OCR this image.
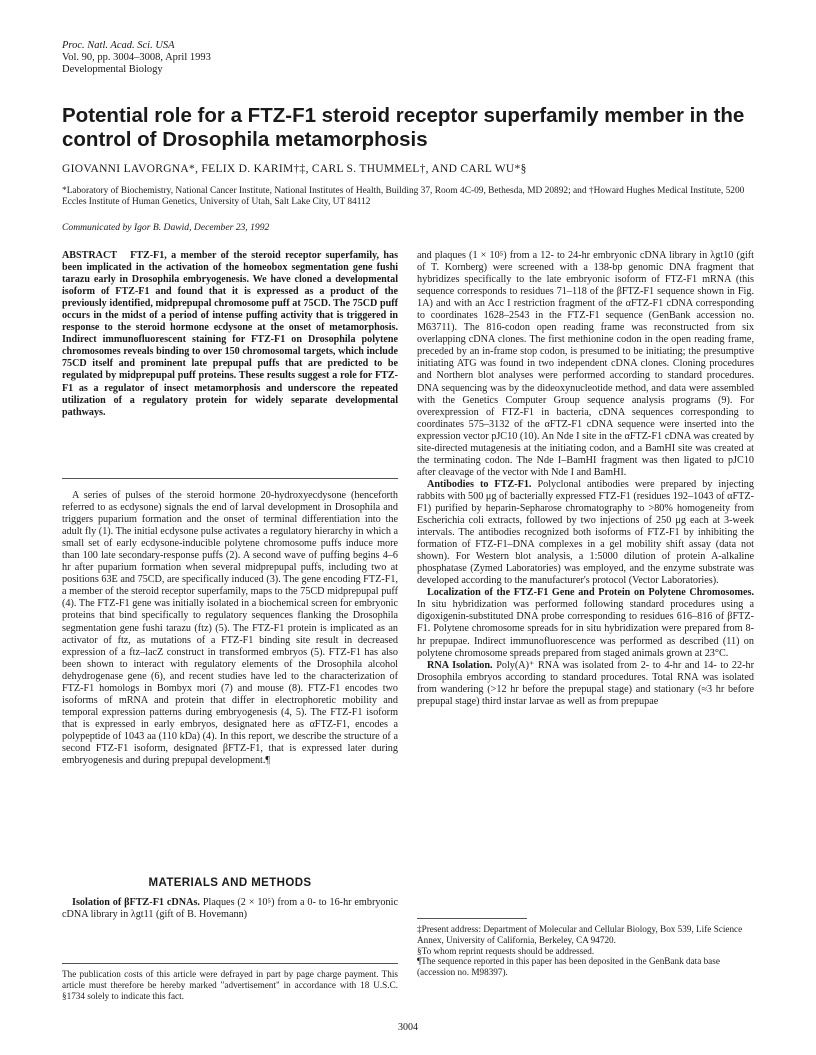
Proc. Natl. Acad. Sci. USA
Vol. 90, pp. 3004–3008, April 1993
Developmental Biology
Potential role for a FTZ-F1 steroid receptor superfamily member in the control of Drosophila metamorphosis
GIOVANNI LAVORGNA*, FELIX D. KARIM†‡, CARL S. THUMMEL†, AND CARL WU*§
*Laboratory of Biochemistry, National Cancer Institute, National Institutes of Health, Building 37, Room 4C-09, Bethesda, MD 20892; and †Howard Hughes Medical Institute, 5200 Eccles Institute of Human Genetics, University of Utah, Salt Lake City, UT 84112
Communicated by Igor B. Dawid, December 23, 1992

ABSTRACT FTZ-F1, a member of the steroid receptor superfamily, has been implicated in the activation of the homeobox segmentation gene fushi tarazu early in Drosophila embryogenesis. We have cloned a developmental isoform of FTZ-F1 and found that it is expressed as a product of the previously identified, midprepupal chromosome puff at 75CD. The 75CD puff occurs in the midst of a period of intense puffing activity that is triggered in response to the steroid hormone ecdysone at the onset of metamorphosis. Indirect immunofluorescent staining for FTZ-F1 on Drosophila polytene chromosomes reveals binding to over 150 chromosomal targets, which include 75CD itself and prominent late prepupal puffs that are predicted to be regulated by midprepupal puff proteins. These results suggest a role for FTZ-F1 as a regulator of insect metamorphosis and underscore the repeated utilization of a regulatory protein for widely separate developmental pathways.

A series of pulses of the steroid hormone 20-hydroxyecdysone (henceforth referred to as ecdysone) signals the end of larval development in Drosophila and triggers puparium formation and the onset of terminal differentiation into the adult fly (1). The initial ecdysone pulse activates a regulatory hierarchy in which a small set of early ecdysone-inducible polytene chromosome puffs induce more than 100 late secondary-response puffs (2). A second wave of puffing begins 4–6 hr after puparium formation when several midprepupal puffs, including two at positions 63E and 75CD, are specifically induced (3). The gene encoding FTZ-F1, a member of the steroid receptor superfamily, maps to the 75CD midprepupal puff (4). The FTZ-F1 gene was initially isolated in a biochemical screen for embryonic proteins that bind specifically to regulatory sequences flanking the Drosophila segmentation gene fushi tarazu (ftz) (5). The FTZ-F1 protein is implicated as an activator of ftz, as mutations of a FTZ-F1 binding site result in decreased expression of a ftz–lacZ construct in transformed embryos (5). FTZ-F1 has also been shown to interact with regulatory elements of the Drosophila alcohol dehydrogenase gene (6), and recent studies have led to the characterization of FTZ-F1 homologs in Bombyx mori (7) and mouse (8). FTZ-F1 encodes two isoforms of mRNA and protein that differ in electrophoretic mobility and temporal expression patterns during embryogenesis (4, 5). The FTZ-F1 isoform that is expressed in early embryos, designated here as αFTZ-F1, encodes a polypeptide of 1043 aa (110 kDa) (4). In this report, we describe the structure of a second FTZ-F1 isoform, designated βFTZ-F1, that is expressed later during embryogenesis and during prepupal development.¶

MATERIALS AND METHODS

Isolation of βFTZ-F1 cDNAs. Plaques (2 × 10⁵) from a 0- to 16-hr embryonic cDNA library in λgt11 (gift of B. Hovemann)

The publication costs of this article were defrayed in part by page charge payment. This article must therefore be hereby marked "advertisement" in accordance with 18 U.S.C. §1734 solely to indicate this fact.

and plaques (1 × 10⁵) from a 12- to 24-hr embryonic cDNA library in λgt10 (gift of T. Kornberg) were screened with a 138-bp genomic DNA fragment that hybridizes specifically to the late embryonic isoform of FTZ-F1 mRNA (this sequence corresponds to residues 71–118 of the βFTZ-F1 sequence shown in Fig. 1A) and with an Acc I restriction fragment of the αFTZ-F1 cDNA corresponding to coordinates 1628–2543 in the FTZ-F1 sequence (GenBank accession no. M63711). The 816-codon open reading frame was reconstructed from six overlapping cDNA clones. The first methionine codon in the open reading frame, preceded by an in-frame stop codon, is presumed to be initiating; the presumptive initiating ATG was found in two independent cDNA clones. Cloning procedures and Northern blot analyses were performed according to standard procedures. DNA sequencing was by the dideoxynucleotide method, and data were assembled with the Genetics Computer Group sequence analysis programs (9). For overexpression of FTZ-F1 in bacteria, cDNA sequences corresponding to coordinates 575–3132 of the αFTZ-F1 cDNA sequence were inserted into the expression vector pJC10 (10). An Nde I site in the αFTZ-F1 cDNA was created by site-directed mutagenesis at the initiating codon, and a BamHI site was created at the terminating codon. The Nde I–BamHI fragment was then ligated to pJC10 after cleavage of the vector with Nde I and BamHI.

Antibodies to FTZ-F1. Polyclonal antibodies were prepared by injecting rabbits with 500 μg of bacterially expressed FTZ-F1 (residues 192–1043 of αFTZ-F1) purified by heparin-Sepharose chromatography to >80% homogeneity from Escherichia coli extracts, followed by two injections of 250 μg each at 3-week intervals. The antibodies recognized both isoforms of FTZ-F1 by inhibiting the formation of FTZ-F1–DNA complexes in a gel mobility shift assay (data not shown). For Western blot analysis, a 1:5000 dilution of protein A-alkaline phosphatase (Zymed Laboratories) was employed, and the enzyme substrate was developed according to the manufacturer's protocol (Vector Laboratories).

Localization of the FTZ-F1 Gene and Protein on Polytene Chromosomes. In situ hybridization was performed following standard procedures using a digoxigenin-substituted DNA probe corresponding to residues 616–816 of βFTZ-F1. Polytene chromosome spreads for in situ hybridization were prepared from 8-hr prepupae. Indirect immunofluorescence was performed as described (11) on polytene chromosome spreads prepared from staged animals grown at 23°C.

RNA Isolation. Poly(A)⁺ RNA was isolated from 2- to 4-hr and 14- to 22-hr Drosophila embryos according to standard procedures. Total RNA was isolated from wandering (>12 hr before the prepupal stage) and stationary (≈3 hr before prepupal stage) third instar larvae as well as from prepupae

‡Present address: Department of Molecular and Cellular Biology, Box 539, Life Science Annex, University of California, Berkeley, CA 94720.
§To whom reprint requests should be addressed.
¶The sequence reported in this paper has been deposited in the GenBank data base (accession no. M98397).
3004
